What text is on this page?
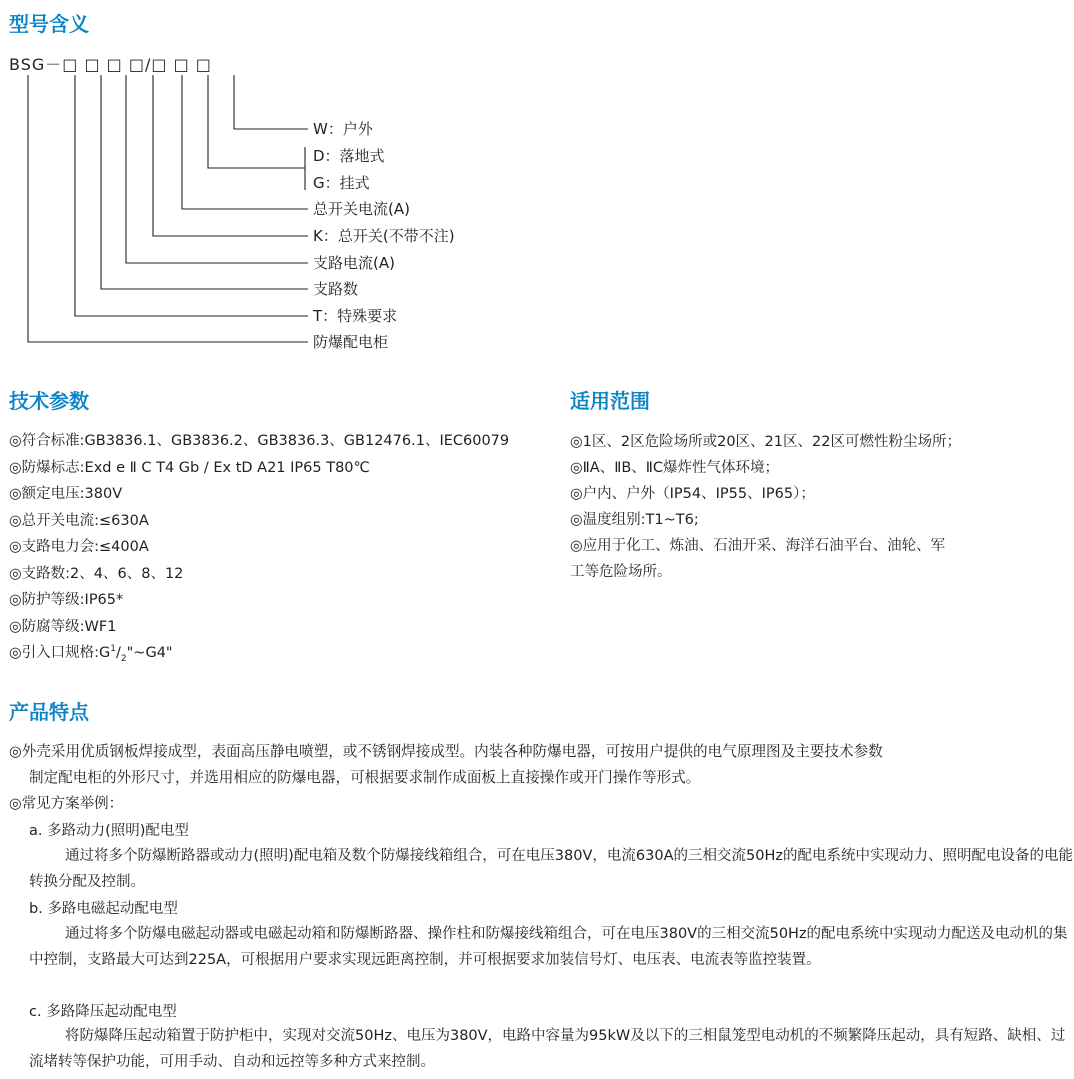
型号含义
BSG－□ □ □ □/□ □ □
W：户外
D：落地式
G：挂式
总开关电流(A)
K：总开关(不带不注)
支路电流(A)
支路数
T：特殊要求
防爆配电柜
技术参数
◎符合标准:GB3836.1、GB3836.2、GB3836.3、GB12476.1、IEC60079
◎防爆标志:Exd e Ⅱ C T4 Gb / Ex tD A21 IP65 T80℃
◎额定电压:380V
◎总开关电流:≤630A
◎支路电力会:≤400A
◎支路数:2、4、6、8、12
◎防护等级:IP65*
◎防腐等级:WF1
◎引入口规格$:G^1/_2"\sim G4$"
适用范围
◎1区、2区危险场所或20区、21区、22区可燃性粉尘场所；
◎ⅡA、ⅡB、ⅡC爆炸性气体环境；
◎户内、户外（IP54、IP55、IP65）；
◎温度组别:T1~T6;
◎应用于化工、炼油、石油开采、海洋石油平台、油轮、军
工等危险场所。
产品特点
◎外壳采用优质钢板焊接成型，表面高压静电喷塑，或不锈钢焊接成型。内装各种防爆电器，可按用户提供的电气原理图及主要技术参数
制定配电柜的外形尺寸，并选用相应的防爆电器，可根据要求制作成面板上直接操作或开门操作等形式。
◎常见方案举例：
a. 多路动力(照明)配电型

通过将多个防爆断路器或动力(照明)配电箱及数个防爆接线箱组合，可在电压380V，电流630A的三相交流50Hz的配电系统中实现动力、照明配电设备的电能转换分配及控制。

b. 多路电磁起动配电型

通过将多个防爆电磁起动器或电磁起动箱和防爆断路器、操作柱和防爆接线箱组合，可在电压380V的三相交流50Hz的配电系统中实现动力配送及电动机的集中控制，支路最大可达到225A，可根据用户要求实现远距离控制，并可根据要求加装信号灯、电压表、电流表等监控装置。

c. 多路降压起动配电型

将防爆降压起动箱置于防护柜中，实现对交流50Hz、电压为380V，电路中容量为95kW及以下的三相鼠笼型电动机的不频繁降压起动，具有短路、缺相、过流堵转等保护功能，可用手动、自动和远控等多种方式来控制。
